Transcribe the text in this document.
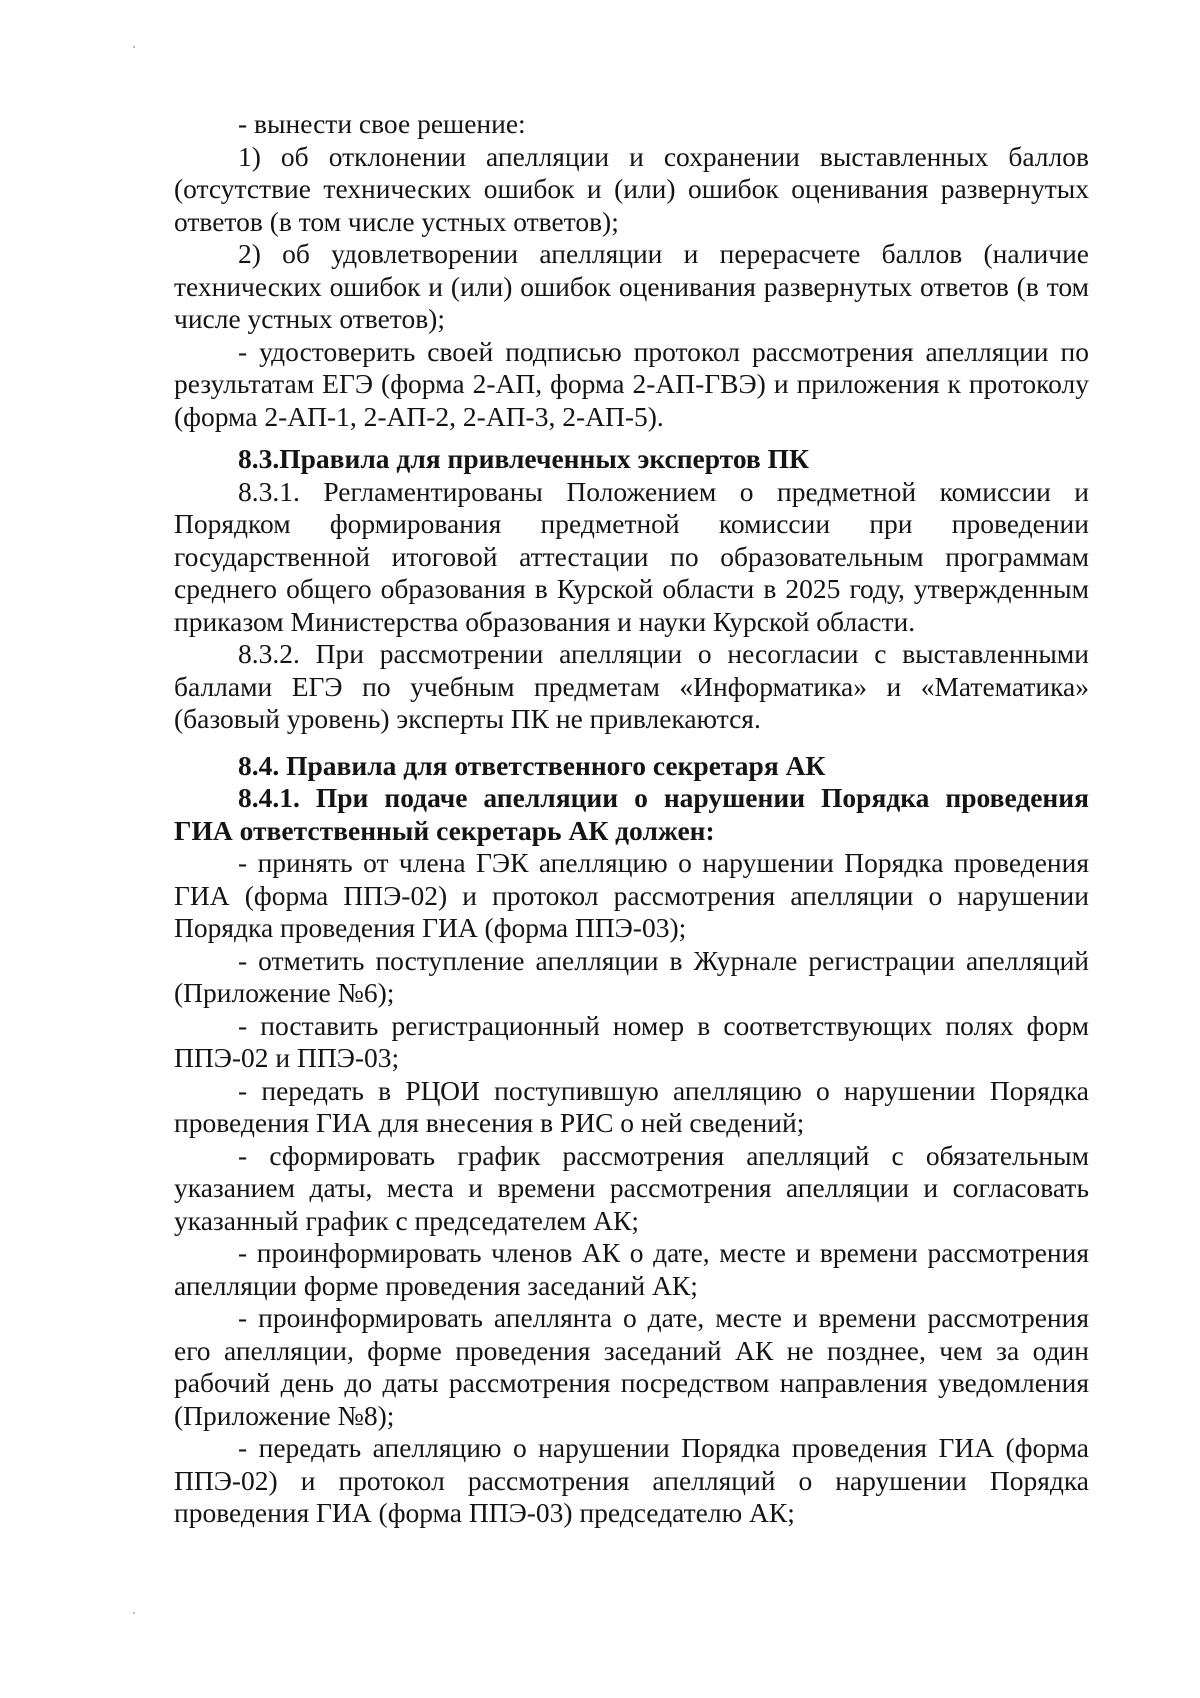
- вынести свое решение:

1) об отклонении апелляции и сохранении выставленных баллов (отсутствие технических ошибок и (или) ошибок оценивания развернутых ответов (в том числе устных ответов);

2) об удовлетворении апелляции и перерасчете баллов (наличие технических ошибок и (или) ошибок оценивания развернутых ответов (в том числе устных ответов);

- удостоверить своей подписью протокол рассмотрения апелляции по результатам ЕГЭ (форма 2-АП, форма 2-АП-ГВЭ) и приложения к протоколу (форма 2-АП-1, 2-АП-2, 2-АП-3, 2-АП-5).

8.3.Правила для привлеченных экспертов ПК

8.3.1. Регламентированы Положением о предметной комиссии и Порядком формирования предметной комиссии при проведении государственной итоговой аттестации по образовательным программам среднего общего образования в Курской области в 2025 году, утвержденным приказом Министерства образования и науки Курской области.

8.3.2. При рассмотрении апелляции о несогласии с выставленными баллами ЕГЭ по учебным предметам «Информатика» и «Математика» (базовый уровень) эксперты ПК не привлекаются.

8.4. Правила для ответственного секретаря АК

8.4.1. При подаче апелляции о нарушении Порядка проведения ГИА ответственный секретарь АК должен:

- принять от члена ГЭК апелляцию о нарушении Порядка проведения ГИА (форма ППЭ-02) и протокол рассмотрения апелляции о нарушении Порядка проведения ГИА (форма ППЭ-03);

- отметить поступление апелляции в Журнале регистрации апелляций (Приложение №6);

- поставить регистрационный номер в соответствующих полях форм ППЭ-02 и ППЭ-03;

- передать в РЦОИ поступившую апелляцию о нарушении Порядка проведения ГИА для внесения в РИС о ней сведений;

- сформировать график рассмотрения апелляций с обязательным указанием даты, места и времени рассмотрения апелляции и согласовать указанный график с председателем АК;

- проинформировать членов АК о дате, месте и времени рассмотрения апелляции форме проведения заседаний АК;

- проинформировать апеллянта о дате, месте и времени рассмотрения его апелляции, форме проведения заседаний АК не позднее, чем за один рабочий день до даты рассмотрения посредством направления уведомления (Приложение №8);

- передать апелляцию о нарушении Порядка проведения ГИА (форма ППЭ-02) и протокол рассмотрения апелляций о нарушении Порядка проведения ГИА (форма ППЭ-03) председателю АК;
